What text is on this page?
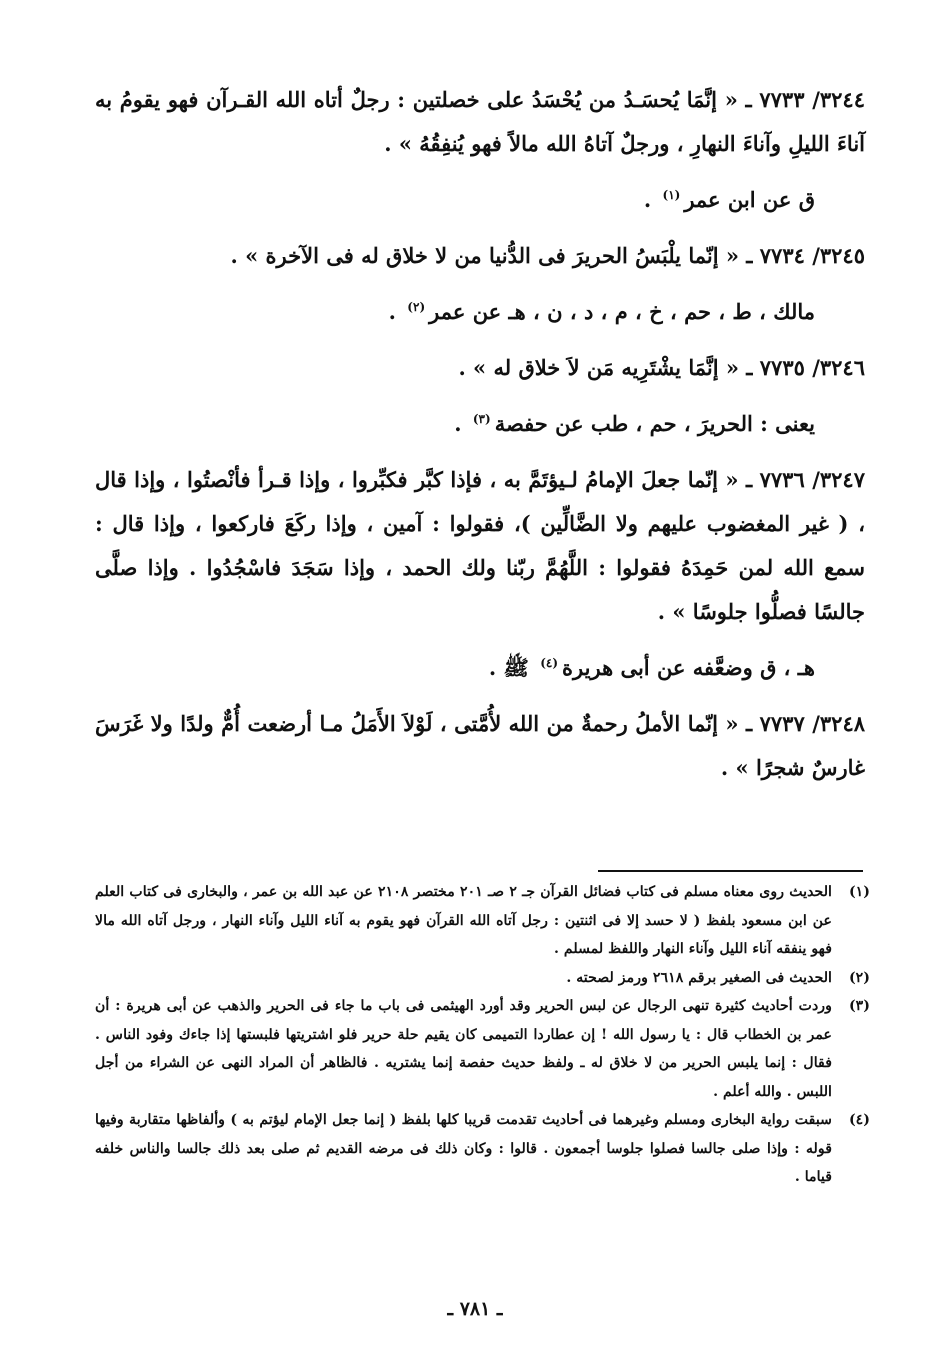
٣٢٤٤/ ٧٧٣٣ ـ « إنَّمَا يُحسَـدُ من يُحْسَدُ على خصلتين : رجلٌ أتاه الله القـرآن فهو يقومُ به آناءَ الليلِ وآناءَ النهارِ ، ورجلٌ آتاهُ الله مالاً فهو يُنفِقُهُ » .

ق عن ابن عمر$^{(١)}$ .

٣٢٤٥/ ٧٧٣٤ ـ « إنّما يلْبَسُ الحريرَ فى الدُّنيا من لا خلاق له فى الآخرة » .

مالك ، ط ، حم ، خ ، م ، د ، ن ، هـ عن عمر$^{(٢)}$ .

٣٢٤٦/ ٧٧٣٥ ـ « إنَّمَا يشْتَرِيه مَن لاَ خلاق له » .

يعنى : الحريرَ ، حم ، طب عن حفصة$^{(٣)}$ .

٣٢٤٧/ ٧٧٣٦ ـ « إنّما جعلَ الإمامُ لـيؤتَمَّ به ، فإذا كبَّر فكبِّروا ، وإذا قـرأ فأنْصتُوا ، وإذا قال ، ( غير المغضوب عليهم ولا الضَّالِّين )، فقولوا : آمين ، وإذا ركَعَ فاركعوا ، وإذا قال : سمع الله لمن حَمِدَهُ فقولوا : اللَّهُمَّ ربّنا ولك الحمد ، وإذا سَجَدَ فاسْجُدُوا . وإذا صلَّى جالسًا فصلُّوا جلوسًا » .

هـ ، ق وضعَّفه عن أبى هريرة$^{(٤)}$ ﷺ .

٣٢٤٨/ ٧٧٣٧ ـ « إنّما الأملُ رحمةٌ من الله لأُمَّتى ، لَوْلاَ الأَمَلُ مـا أرضعت أُمٌّ ولدًا ولا غَرَسَ غارسٌ شجرًا » .

(١)
الحديث روى معناه مسلم فى كتاب فضائل القرآن جـ ٢ صـ ٢٠١ مختصر ٢١٠٨ عن عبد الله بن عمر ، والبخارى فى كتاب العلم عن ابن مسعود بلفظ ( لا حسد إلا فى اثنتين : رجل آتاه الله القرآن فهو يقوم به آناء الليل وآناء النهار ، ورجل آتاه الله مالا فهو ينفقه آناء الليل وآناء النهار واللفظ لمسلم .
(٢)
الحديث فى الصغير برقم ٢٦١٨ ورمز لصحته .
(٣)
وردت أحاديث كثيرة تنهى الرجال عن لبس الحرير وقد أورد الهيثمى فى باب ما جاء فى الحرير والذهب عن أبى هريرة : أن عمر بن الخطاب قال : يا رسول الله ! إن عطاردا التميمى كان يقيم حلة حرير فلو اشتريتها فلبستها إذا جاءك وفود الناس . فقال : إنما يلبس الحرير من لا خلاق له ـ ولفظ حديث حفصة إنما يشتريه . فالظاهر أن المراد النهى عن الشراء من أجل اللبس . والله أعلم .
(٤)
سبقت رواية البخارى ومسلم وغيرهما فى أحاديث تقدمت قريبا كلها بلفظ ( إنما جعل الإمام ليؤتم به ) وألفاظها متقاربة وفيها قوله : وإذا صلى جالسا فصلوا جلوسا أجمعون . قالوا : وكان ذلك فى مرضه القديم ثم صلى بعد ذلك جالسا والناس خلفه قياما .
ـ ٧٨١ ـ
